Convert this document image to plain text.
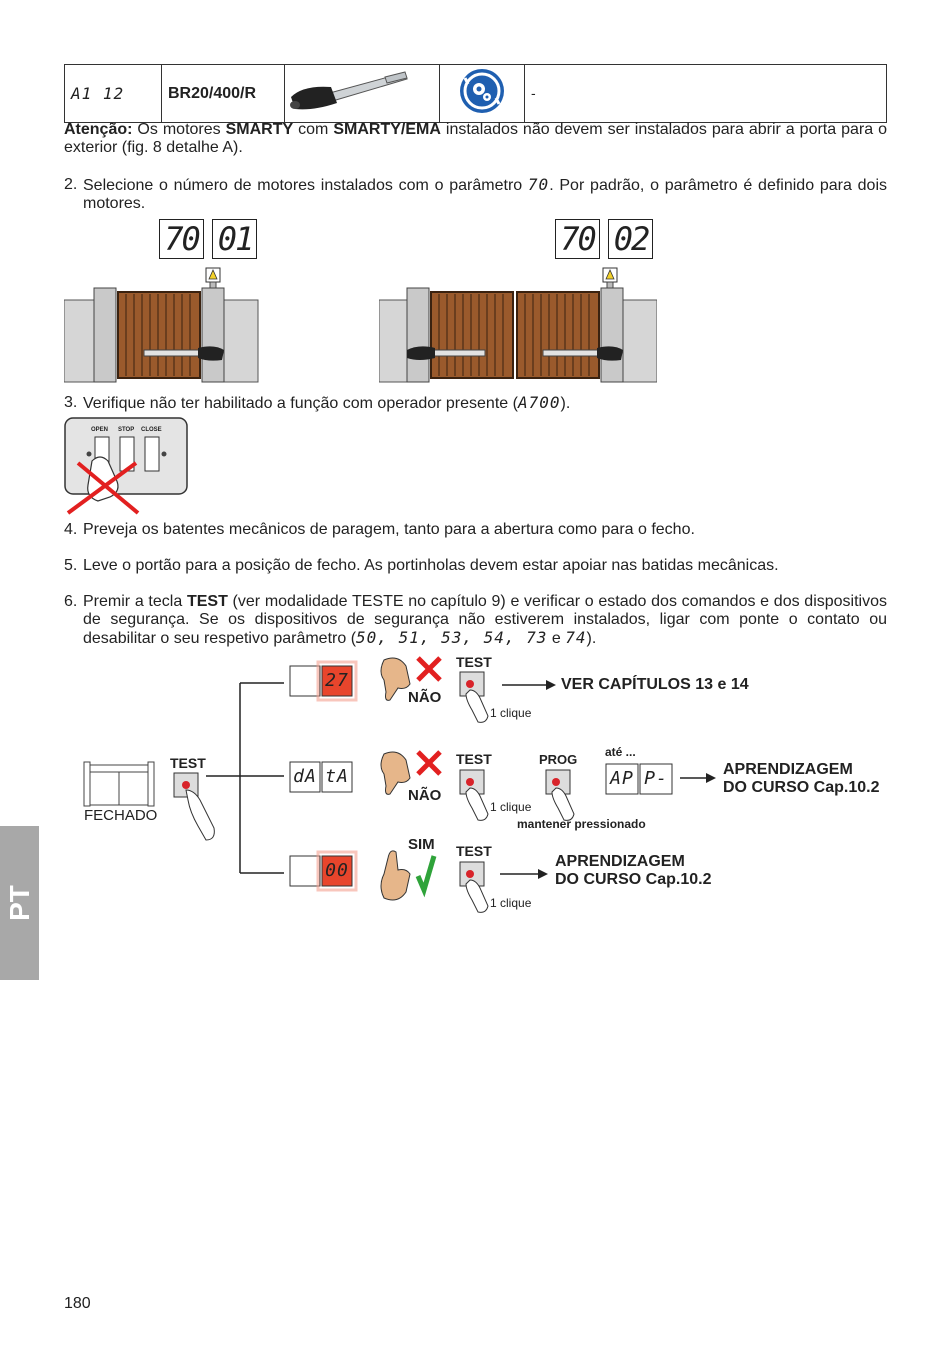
A1 12	BR20/400/R			-
Atenção: Os motores SMARTY com SMARTY/EMA instalados não devem ser instalados para abrir a porta para o exterior (fig. 8 detalhe A).
2. Selecione o número de motores instalados com o parâmetro 70. Por padrão, o parâmetro é definido para dois motores.
70 01	70 02
3. Verifique não ter habilitado a função com operador presente (A700).
OPEN STOP CLOSE
4. Preveja os batentes mecânicos de paragem, tanto para a abertura como para o fecho.
5. Leve o portão para a posição de fecho. As portinholas devem estar apoiar nas batidas mecânicas.
6. Premir a tecla TEST (ver modalidade TESTE no capítulo 9) e verificar o estado dos comandos e dos dispositivos de segurança. Se os dispositivos de segurança não estiverem instalados, ligar com ponte o contato ou desabilitar o seu respetivo parâmetro (50, 51, 53, 54, 73 e 74).
FECHADO
TEST
27
dA tA
00
NÃO
NÃO
SIM
TEST
1 clique
VER CAPÍTULOS 13 e 14
TEST
1 clique
PROG
mantener pressionado
até ...
AP P-	APRENDIZAGEM
DO CURSO Cap.10.2
TEST
1 clique
APRENDIZAGEM
DO CURSO Cap.10.2
PT
180
